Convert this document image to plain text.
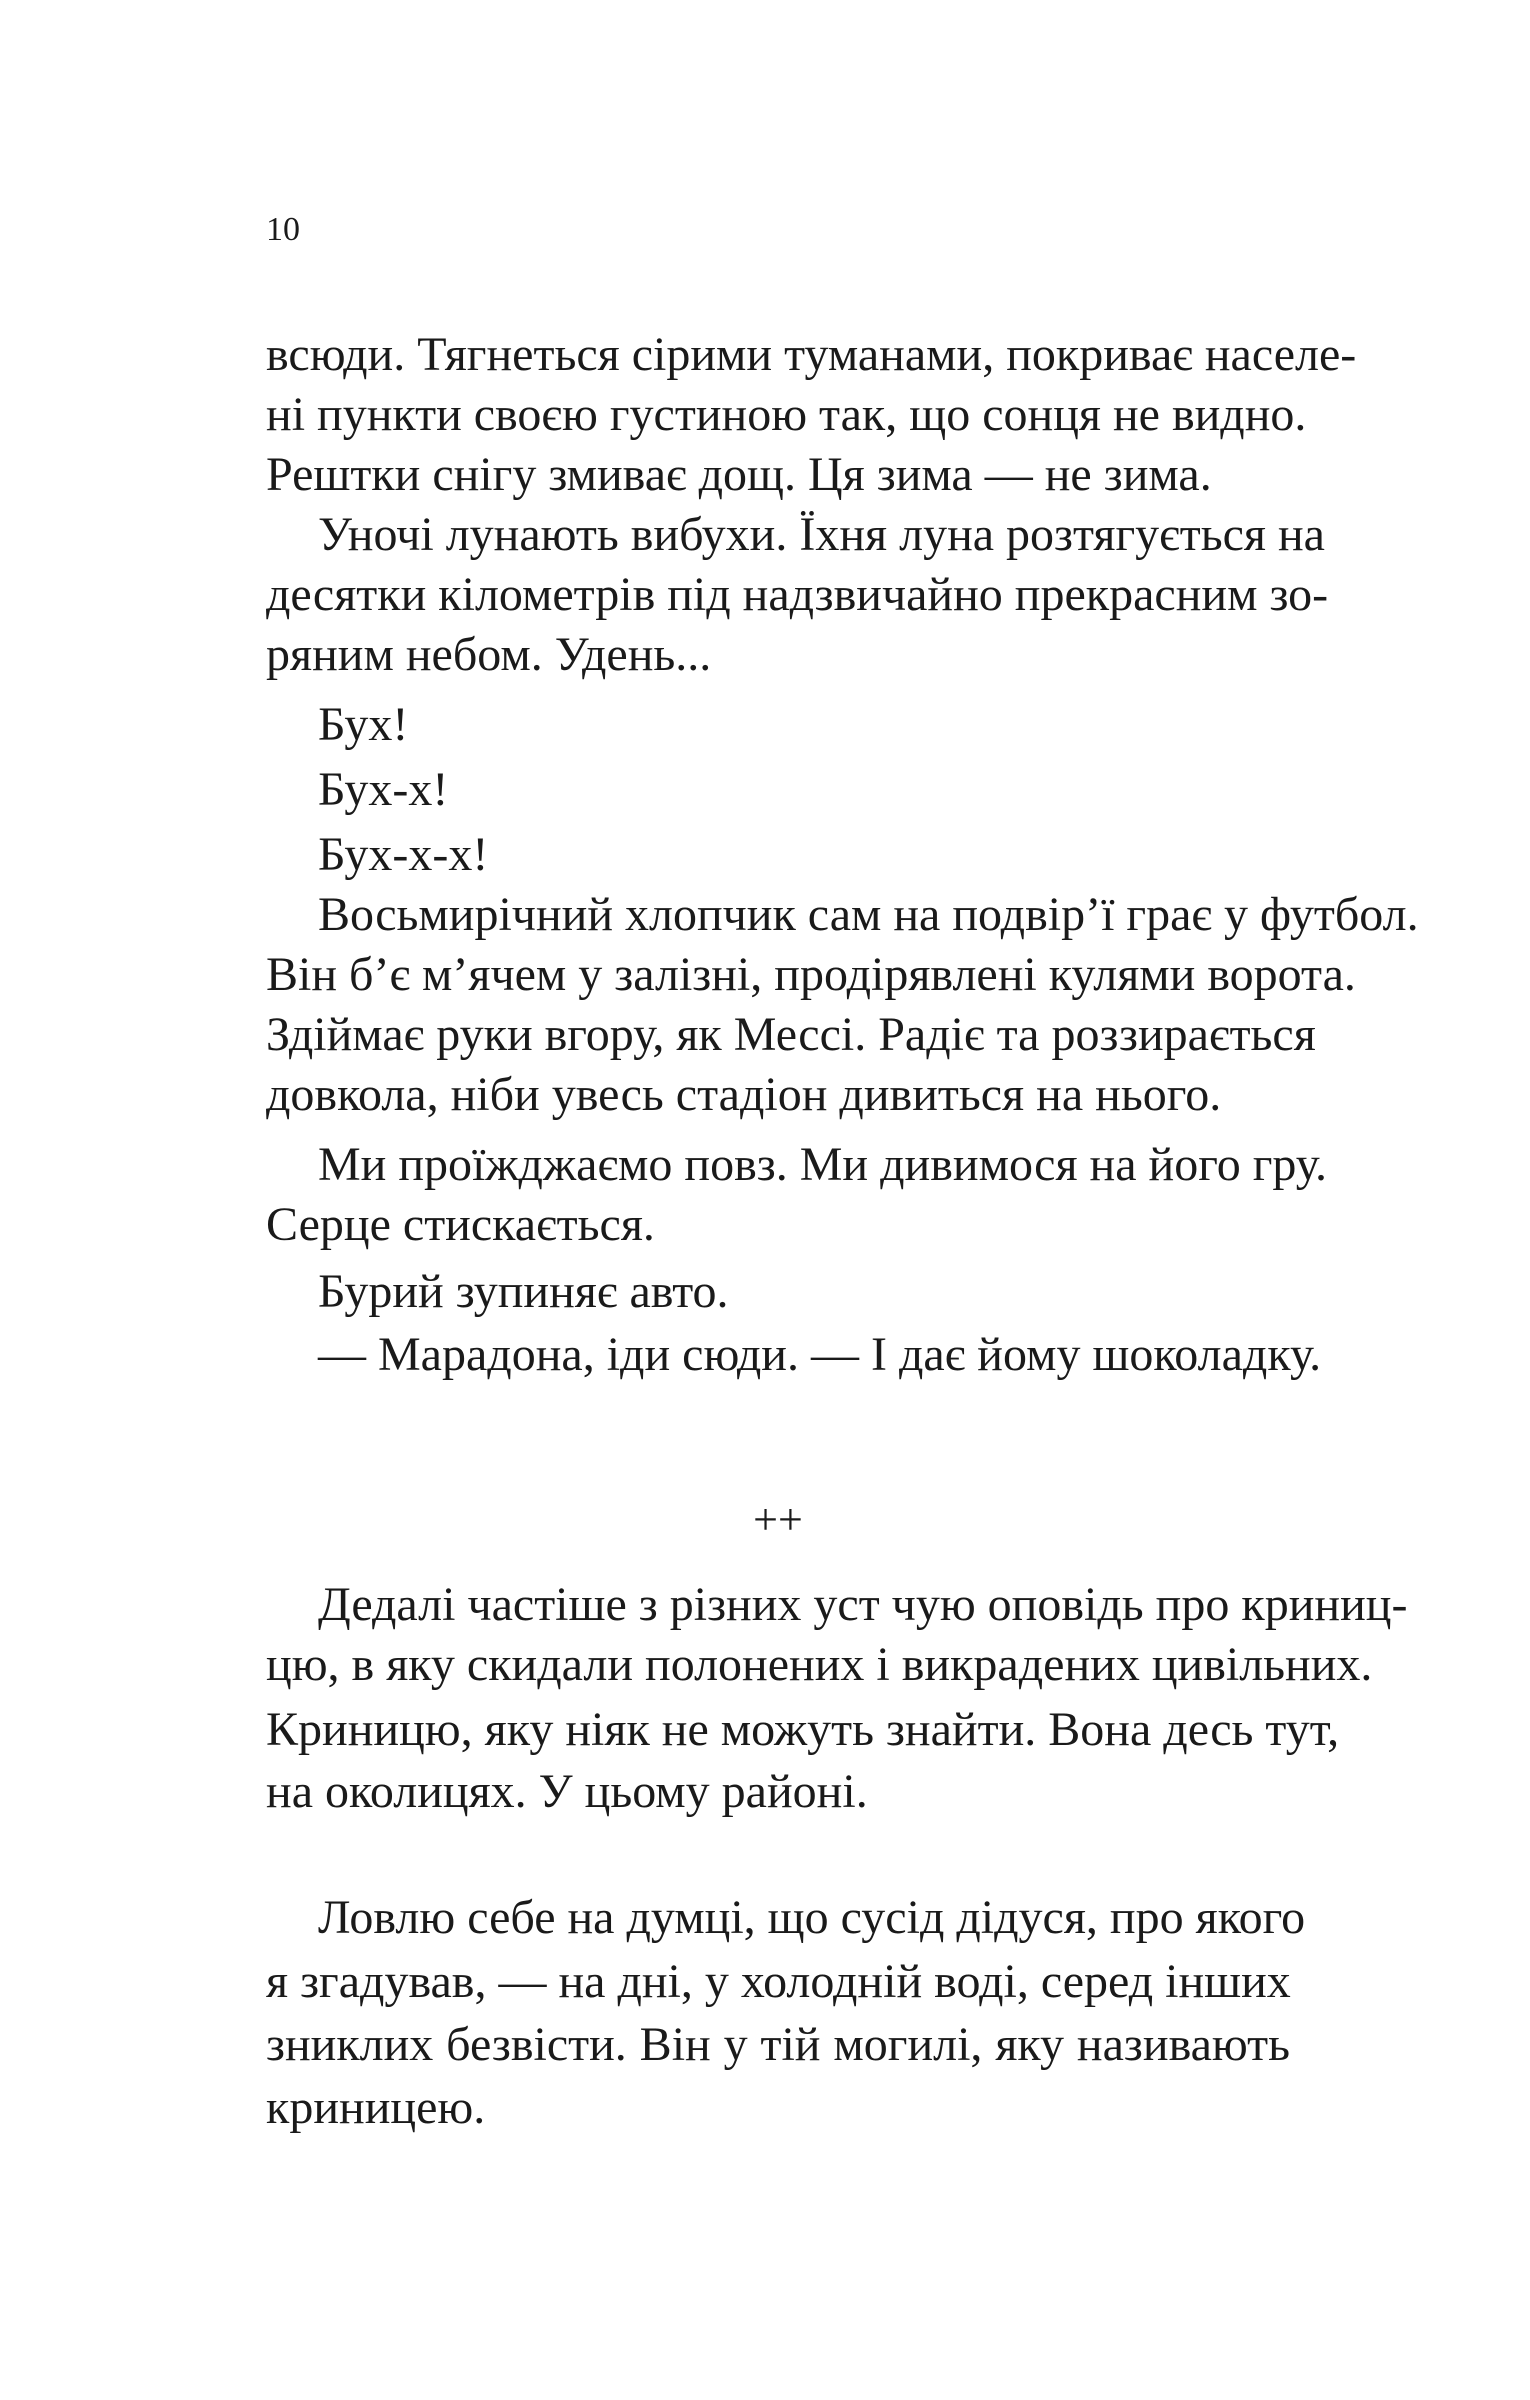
10
всюди. Тягнеться сірими туманами, покриває населе-
ні пункти своєю густиною так, що сонця не видно.
Рештки снігу змиває дощ. Ця зима — не зима.
Уночі лунають вибухи. Їхня луна розтягується на
десятки кілометрів під надзвичайно прекрасним зо-
ряним небом. Удень...
Бух!
Бух-х!
Бух-х-х!
Восьмирічний хлопчик сам на подвір’ї грає у футбол.
Він б’є м’ячем у залізні, продірявлені кулями ворота.
Здіймає руки вгору, як Мессі. Радіє та роззирається
довкола, ніби увесь стадіон дивиться на нього.
Ми проїжджаємо повз. Ми дивимося на його гру.
Серце стискається.
Бурий зупиняє авто.
— Марадона, іди сюди. — І дає йому шоколадку.
++
Дедалі частіше з різних уст чую оповідь про криниц-
цю, в яку скидали полонених і викрадених цивільних.
Криницю, яку ніяк не можуть знайти. Вона десь тут,
на околицях. У цьому районі.
Ловлю себе на думці, що сусід дідуся, про якого
я згадував, — на дні, у холодній воді, серед інших
зниклих безвісти. Він у тій могилі, яку називають
криницею.
